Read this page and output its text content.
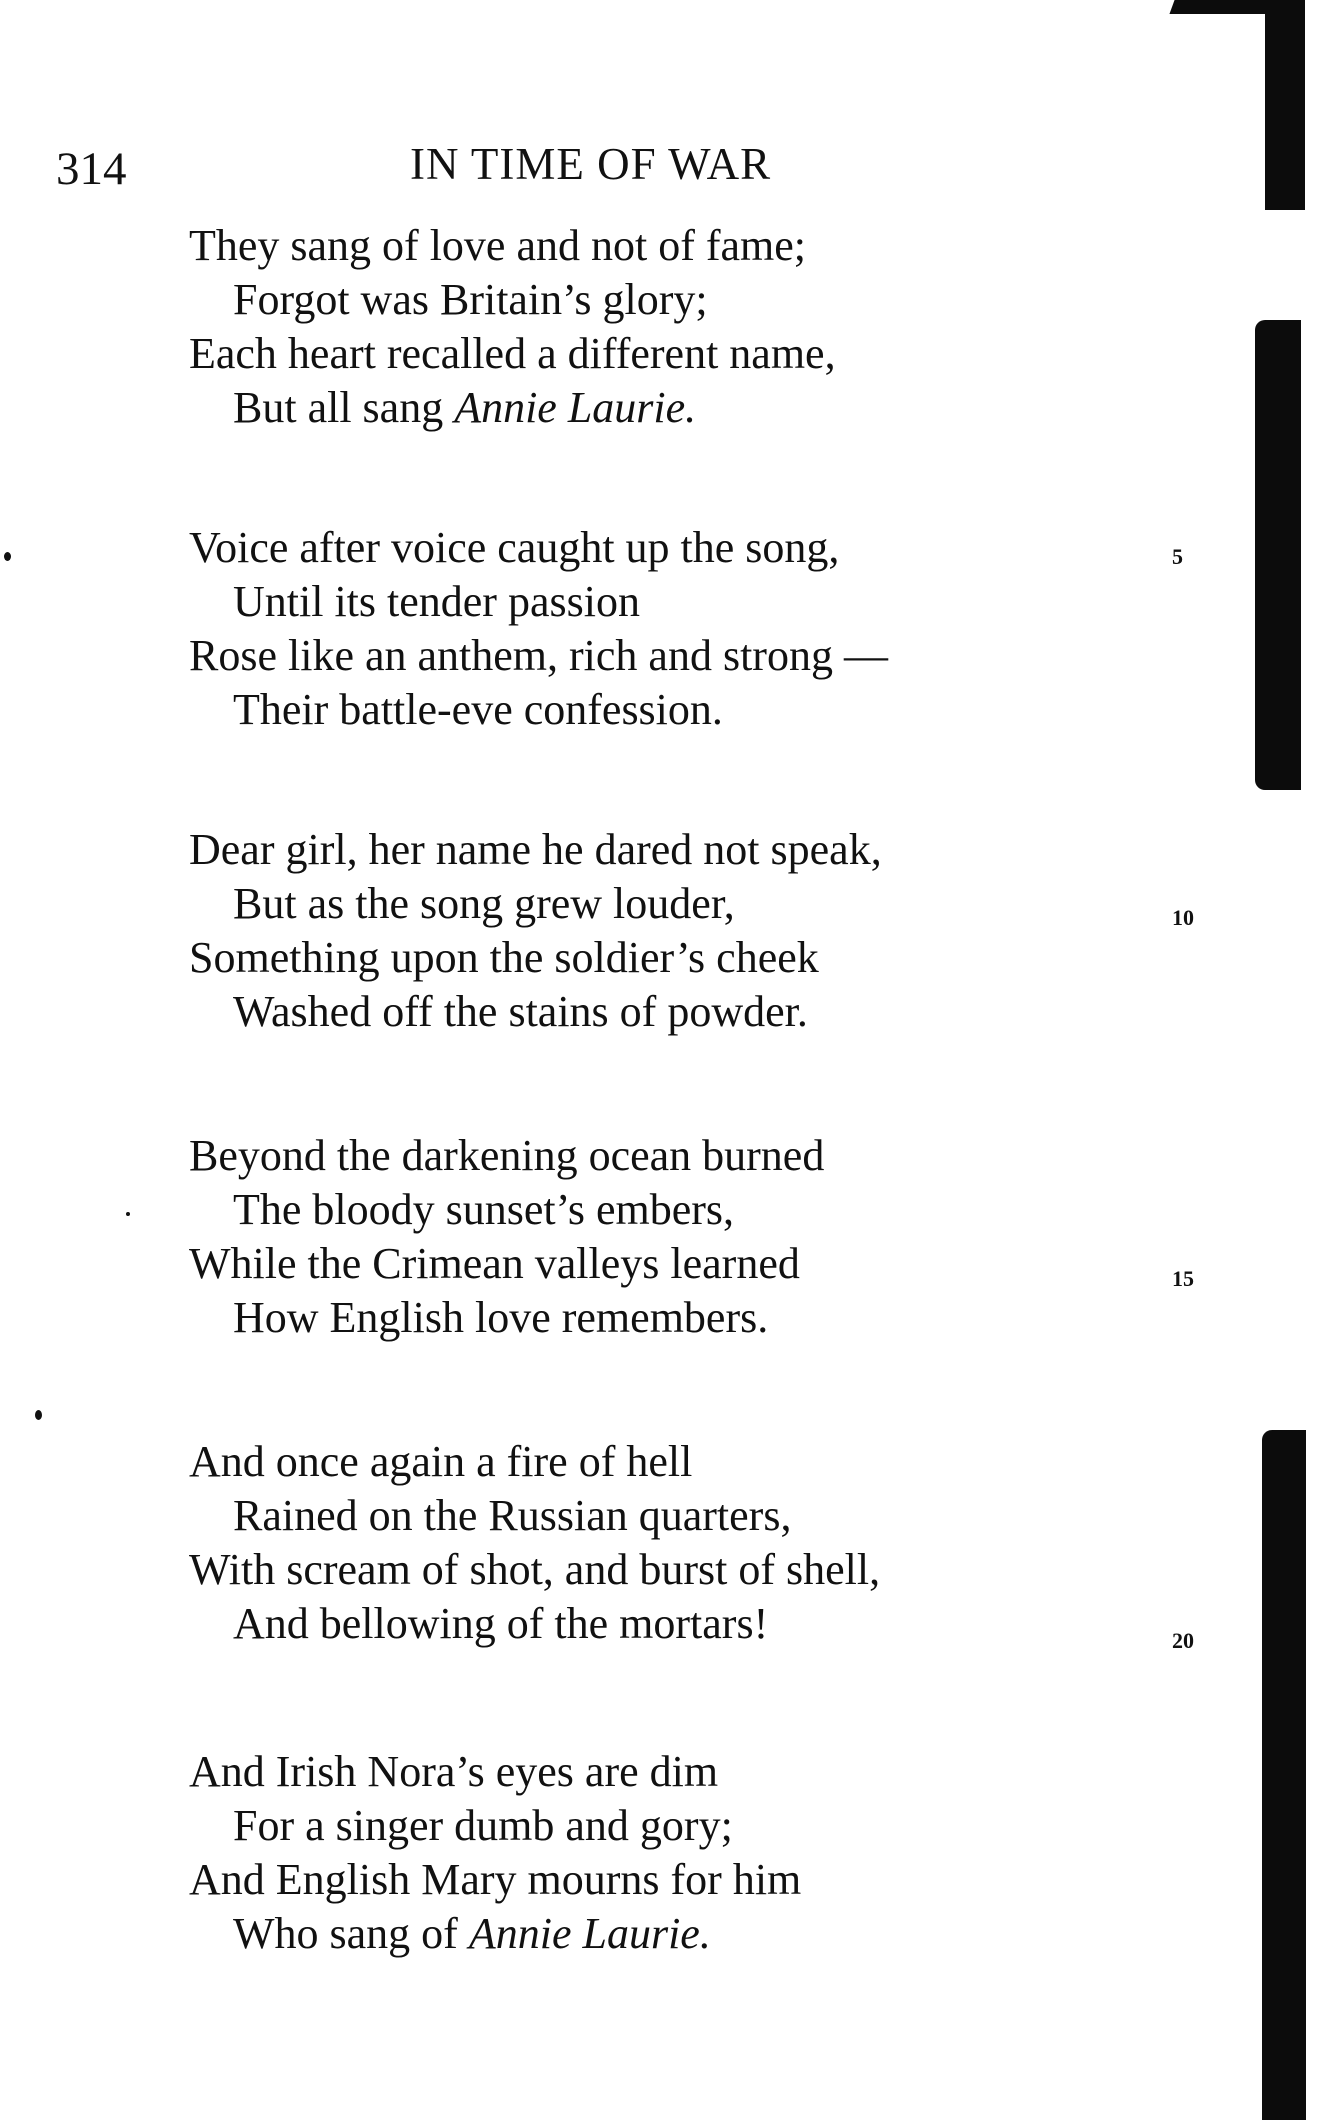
314	IN TIME OF WAR
They sang of love and not of fame;
Forgot was Britain’s glory;
Each heart recalled a different name,
But all sang Annie Laurie.
Voice after voice caught up the song,
Until its tender passion
Rose like an anthem, rich and strong —
Their battle-eve confession.
Dear girl, her name he dared not speak,
But as the song grew louder,
Something upon the soldier’s cheek
Washed off the stains of powder.
Beyond the darkening ocean burned
The bloody sunset’s embers,
While the Crimean valleys learned
How English love remembers.
And once again a fire of hell
Rained on the Russian quarters,
With scream of shot, and burst of shell,
And bellowing of the mortars!
And Irish Nora’s eyes are dim
For a singer dumb and gory;
And English Mary mourns for him
Who sang of Annie Laurie.
5
10
15
20
